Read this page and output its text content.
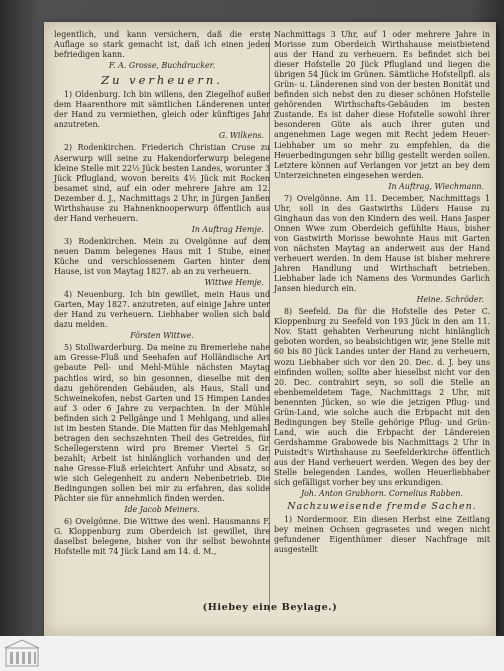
legentlich, und kann versichern, daß die erste Auflage so stark gemacht ist, daß ich einen jeden befriedigen kann.

F. A. Grosse, Buchdrucker.
Zu verheuern.

1) Oldenburg. Ich bin willens, den Ziegelhof außer dem Haarenthore mit sämtlichen Länderenen unter der Hand zu vermiethen, gleich oder künftiges Jahr anzutreten.

G. Wilkens.

2) Rodenkirchen. Friederich Christian Cruse zu Aserwurp will seine zu Hakendorferwurp belegene kleine Stelle mit 22½ Jück besten Landes, worunter 3 Jück Pflugland, wovon bereits 4½ Jück mit Rocken besamet sind, auf ein oder mehrere Jahre am 12. Dezember d. J., Nachmittags 2 Uhr, in Jürgen Janßen Wirthshause zu Hahnenknooperwurp öffentlich aus der Hand verheuern.

In Auftrag Hemje.

3) Rodenkirchen. Mein zu Ovelgönne auf dem neuen Damm belegenes Haus mit 1 Stube, einer Küche und verschlossenem Garten hinter dem Hause, ist von Maytag 1827. ab an zu verheuern.

Wittwe Hemje.

4) Neuenburg. Ich bin gewillet, mein Haus und Garten, May 1827. anzutreten, auf einige Jahre unter der Hand zu verheuern. Liebhaber wollen sich bald dazu melden.

Försten Wittwe.

5) Stollwarderburg. Da meine zu Bremerlehe nahe am Gresse-Fluß und Seehafen auf Holländische Art gebaute Pell- und Mehl-Mühle nächsten Maytag pachtlos wird, so bin gesonnen, dieselbe mit den dazu gehörenden Gebäuden, als Haus, Stall und Schweinekofen, nebst Garten und 15 Himpen Landes auf 3 oder 6 Jahre zu verpachten. In der Mühle befinden sich 2 Pellgänge und 1 Mehlgang, und alles ist im besten Stande. Die Matten für das Mehlgemahl betragen den sechszehnten Theil des Getreides, für Schellegerstenn wird pro Bremer Viertel 5 Gr. bezahlt; Arbeit ist hinlänglich vorhanden und der nahe Gresse-Fluß erleichtert Anfuhr und Absatz, so wie sich Gelegenheit zu andern Nebenbetrieb. Die Bedingungen sollen bei mir zu erfahren, das solide Pächter sie für annehmlich finden werden.

Ide Jacob Meiners.

6) Ovelgönne. Die Wittwe des wenl. Hausmanns F. G. Kloppenburg zum Oberdeich ist gewillet, ihre daselbst belegene, bisher von ihr selbst bewohnte Hofstelle mit 74 Jück Land am 14. d. M.,

Nachmittags 3 Uhr, auf 1 oder mehrere Jahre in Morisse zum Oberdeich Wirthshause meistbietend aus der Hand zu verheuern. Es befindet sich bei dieser Hofstelle 20 Jück Pflugland und liegen die übrigen 54 Jück im Grünen. Sämtliche Hofstellpfl. als Grün- u. Länderenen sind von der besten Bonität und befinden sich nebst den zu dieser schönen Hofstelle gehörenden Wirthschafts-Gebäuden im besten Zustande. Es ist daher diese Hofstelle sowohl ihrer besonderen Güte als auch ihrer guten und angenehmen Lage wegen mit Recht jedem Heuer-Liebhaber um so mehr zu empfehlen, da die Heuerbedingungen sehr billig gestellt werden sollen. Letztere können auf Verlangen vor jetzt an bey dem Unterzeichneten eingesehen werden.

In Auftrag, Wiechmann.

7) Ovelgönne. Am 11. December, Nachmittags 1 Uhr, soll in des Gastwirths Lüders Hause zu Ginghaun das von den Kindern des weil. Hans Jasper Onnen Wwe zum Oberdeich gefühlte Haus, bisher von Gastwirth Morisse bewohnte Haus mit Garten von nächsten Maytag an anderweit aus der Hand verheuert werden. In dem Hause ist bisher mehrere Jahren Handlung und Wirthschaft betrieben. Liebhaber lade ich Namens des Vormundes Garlich Jansen hiedurch ein.

Heine. Schröder.

8) Seefeld. Da für die Hofstelle des Peter C. Kloppenburg zu Seefeld von 193 Jück in den am 11. Nov. Statt gehabten Verheurung nicht hinlänglich geboten worden, so beabsichtigen wir, jene Stelle mit 60 bis 80 Jück Landes unter der Hand zu verheuern, wozu Liebhaber sich vor den 20. Dec. d. J. bey uns einfinden wollen; sollte aber hieselbst nicht vor den 20. Dec. contrahirt seyn, so soll die Stelle an ebenbemeldetem Tage, Nachmittags 2 Uhr, mit benennten Jücken, so wie die jetzigen Pflug- und Grün-Land, wie solche auch die Erbpacht mit den Bedingungen bey Stelle gehörige Pflug- und Grün-Land, wie auch die Erbpacht der Ländereien Gerdshamme Grabowede bis Nachmittags 2 Uhr in Puistedt's Wirthshause zu Seefelderkirche öffentlich aus der Hand verheuert werden. Wegen des bey der Stelle belegenden Landes, wollen Heuerliebhaber sich gefälligst vorher bey uns erkundigen.

Joh. Anton Grabhorn. Cornelius Rabben.
Nachzuweisende fremde Sachen.

1) Nordermoor. Ein diesen Herbst eine Zeitlang bey meinen Ochsen gegrasetes und wegen nicht gefundener Eigenthümer dieser Nachfrage mit ausgestellt

(Hiebey eine Beylage.)
